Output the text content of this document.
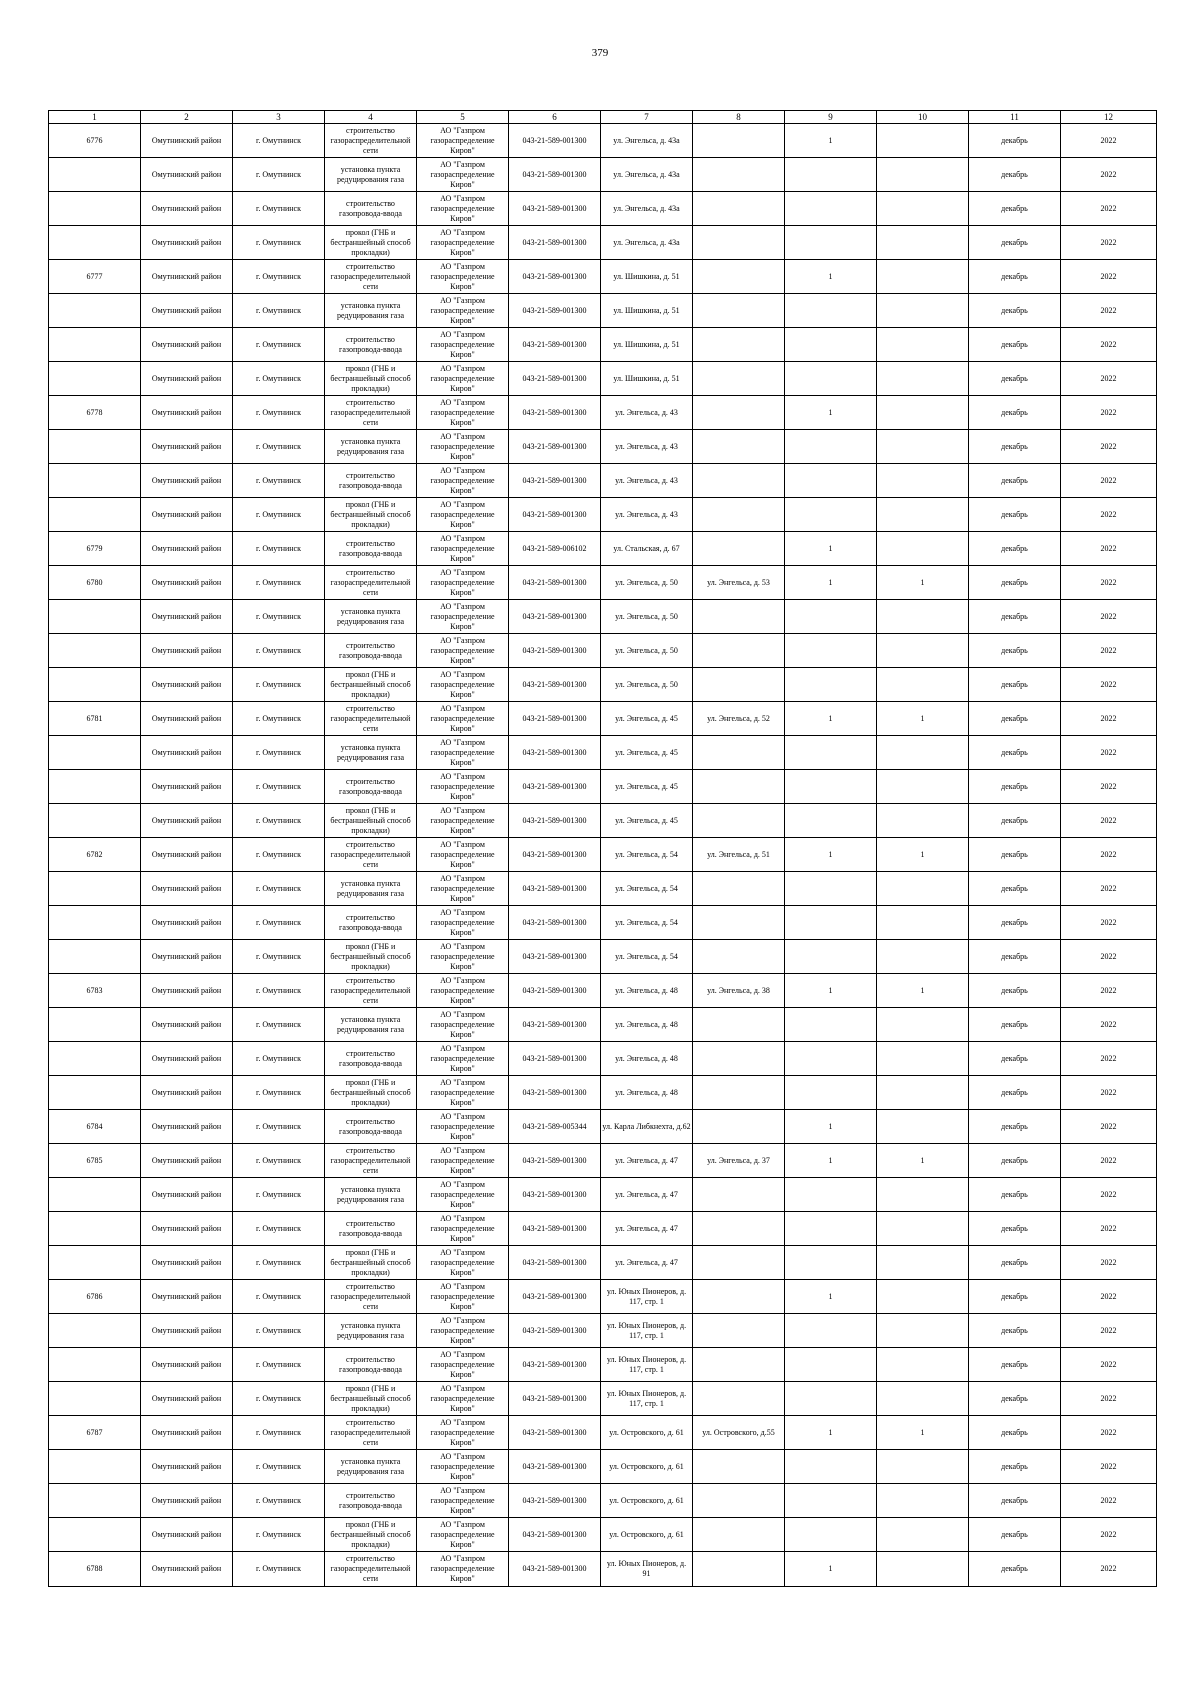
379
1	2	3	4	5	6	7	8	9	10	11	12
6776	Омутнинский район	г. Омутнинск	строительство газораспределительной сети	АО "Газпром газораспределение Киров"	043-21-589-001300	ул. Энгельса, д. 43а		1		декабрь	2022
	Омутнинский район	г. Омутнинск	установка пункта редуцирования газа	АО "Газпром газораспределение Киров"	043-21-589-001300	ул. Энгельса, д. 43а				декабрь	2022
	Омутнинский район	г. Омутнинск	строительство газопровода-ввода	АО "Газпром газораспределение Киров"	043-21-589-001300	ул. Энгельса, д. 43а				декабрь	2022
	Омутнинский район	г. Омутнинск	прокол (ГНБ и бестраншейный способ прокладки)	АО "Газпром газораспределение Киров"	043-21-589-001300	ул. Энгельса, д. 43а				декабрь	2022
6777	Омутнинский район	г. Омутнинск	строительство газораспределительной сети	АО "Газпром газораспределение Киров"	043-21-589-001300	ул. Шишкина, д. 51		1		декабрь	2022
	Омутнинский район	г. Омутнинск	установка пункта редуцирования газа	АО "Газпром газораспределение Киров"	043-21-589-001300	ул. Шишкина, д. 51				декабрь	2022
	Омутнинский район	г. Омутнинск	строительство газопровода-ввода	АО "Газпром газораспределение Киров"	043-21-589-001300	ул. Шишкина, д. 51				декабрь	2022
	Омутнинский район	г. Омутнинск	прокол (ГНБ и бестраншейный способ прокладки)	АО "Газпром газораспределение Киров"	043-21-589-001300	ул. Шишкина, д. 51				декабрь	2022
6778	Омутнинский район	г. Омутнинск	строительство газораспределительной сети	АО "Газпром газораспределение Киров"	043-21-589-001300	ул. Энгельса, д. 43		1		декабрь	2022
	Омутнинский район	г. Омутнинск	установка пункта редуцирования газа	АО "Газпром газораспределение Киров"	043-21-589-001300	ул. Энгельса, д. 43				декабрь	2022
	Омутнинский район	г. Омутнинск	строительство газопровода-ввода	АО "Газпром газораспределение Киров"	043-21-589-001300	ул. Энгельса, д. 43				декабрь	2022
	Омутнинский район	г. Омутнинск	прокол (ГНБ и бестраншейный способ прокладки)	АО "Газпром газораспределение Киров"	043-21-589-001300	ул. Энгельса, д. 43				декабрь	2022
6779	Омутнинский район	г. Омутнинск	строительство газопровода-ввода	АО "Газпром газораспределение Киров"	043-21-589-006102	ул. Стальская, д. 67		1		декабрь	2022
6780	Омутнинский район	г. Омутнинск	строительство газораспределительной сети	АО "Газпром газораспределение Киров"	043-21-589-001300	ул. Энгельса, д. 50	ул. Энгельса, д. 53	1	1	декабрь	2022
	Омутнинский район	г. Омутнинск	установка пункта редуцирования газа	АО "Газпром газораспределение Киров"	043-21-589-001300	ул. Энгельса, д. 50				декабрь	2022
	Омутнинский район	г. Омутнинск	строительство газопровода-ввода	АО "Газпром газораспределение Киров"	043-21-589-001300	ул. Энгельса, д. 50				декабрь	2022
	Омутнинский район	г. Омутнинск	прокол (ГНБ и бестраншейный способ прокладки)	АО "Газпром газораспределение Киров"	043-21-589-001300	ул. Энгельса, д. 50				декабрь	2022
6781	Омутнинский район	г. Омутнинск	строительство газораспределительной сети	АО "Газпром газораспределение Киров"	043-21-589-001300	ул. Энгельса, д. 45	ул. Энгельса, д. 52	1	1	декабрь	2022
	Омутнинский район	г. Омутнинск	установка пункта редуцирования газа	АО "Газпром газораспределение Киров"	043-21-589-001300	ул. Энгельса, д. 45				декабрь	2022
	Омутнинский район	г. Омутнинск	строительство газопровода-ввода	АО "Газпром газораспределение Киров"	043-21-589-001300	ул. Энгельса, д. 45				декабрь	2022
	Омутнинский район	г. Омутнинск	прокол (ГНБ и бестраншейный способ прокладки)	АО "Газпром газораспределение Киров"	043-21-589-001300	ул. Энгельса, д. 45				декабрь	2022
6782	Омутнинский район	г. Омутнинск	строительство газораспределительной сети	АО "Газпром газораспределение Киров"	043-21-589-001300	ул. Энгельса, д. 54	ул. Энгельса, д. 51	1	1	декабрь	2022
	Омутнинский район	г. Омутнинск	установка пункта редуцирования газа	АО "Газпром газораспределение Киров"	043-21-589-001300	ул. Энгельса, д. 54				декабрь	2022
	Омутнинский район	г. Омутнинск	строительство газопровода-ввода	АО "Газпром газораспределение Киров"	043-21-589-001300	ул. Энгельса, д. 54				декабрь	2022
	Омутнинский район	г. Омутнинск	прокол (ГНБ и бестраншейный способ прокладки)	АО "Газпром газораспределение Киров"	043-21-589-001300	ул. Энгельса, д. 54				декабрь	2022
6783	Омутнинский район	г. Омутнинск	строительство газораспределительной сети	АО "Газпром газораспределение Киров"	043-21-589-001300	ул. Энгельса, д. 48	ул. Энгельса, д. 38	1	1	декабрь	2022
	Омутнинский район	г. Омутнинск	установка пункта редуцирования газа	АО "Газпром газораспределение Киров"	043-21-589-001300	ул. Энгельса, д. 48				декабрь	2022
	Омутнинский район	г. Омутнинск	строительство газопровода-ввода	АО "Газпром газораспределение Киров"	043-21-589-001300	ул. Энгельса, д. 48				декабрь	2022
	Омутнинский район	г. Омутнинск	прокол (ГНБ и бестраншейный способ прокладки)	АО "Газпром газораспределение Киров"	043-21-589-001300	ул. Энгельса, д. 48				декабрь	2022
6784	Омутнинский район	г. Омутнинск	строительство газопровода-ввода	АО "Газпром газораспределение Киров"	043-21-589-005344	ул. Карла Либкнехта, д.62		1		декабрь	2022
6785	Омутнинский район	г. Омутнинск	строительство газораспределительной сети	АО "Газпром газораспределение Киров"	043-21-589-001300	ул. Энгельса, д. 47	ул. Энгельса, д. 37	1	1	декабрь	2022
	Омутнинский район	г. Омутнинск	установка пункта редуцирования газа	АО "Газпром газораспределение Киров"	043-21-589-001300	ул. Энгельса, д. 47				декабрь	2022
	Омутнинский район	г. Омутнинск	строительство газопровода-ввода	АО "Газпром газораспределение Киров"	043-21-589-001300	ул. Энгельса, д. 47				декабрь	2022
	Омутнинский район	г. Омутнинск	прокол (ГНБ и бестраншейный способ прокладки)	АО "Газпром газораспределение Киров"	043-21-589-001300	ул. Энгельса, д. 47				декабрь	2022
6786	Омутнинский район	г. Омутнинск	строительство газораспределительной сети	АО "Газпром газораспределение Киров"	043-21-589-001300	ул. Юных Пионеров, д. 117, стр. 1		1		декабрь	2022
	Омутнинский район	г. Омутнинск	установка пункта редуцирования газа	АО "Газпром газораспределение Киров"	043-21-589-001300	ул. Юных Пионеров, д. 117, стр. 1				декабрь	2022
	Омутнинский район	г. Омутнинск	строительство газопровода-ввода	АО "Газпром газораспределение Киров"	043-21-589-001300	ул. Юных Пионеров, д. 117, стр. 1				декабрь	2022
	Омутнинский район	г. Омутнинск	прокол (ГНБ и бестраншейный способ прокладки)	АО "Газпром газораспределение Киров"	043-21-589-001300	ул. Юных Пионеров, д. 117, стр. 1				декабрь	2022
6787	Омутнинский район	г. Омутнинск	строительство газораспределительной сети	АО "Газпром газораспределение Киров"	043-21-589-001300	ул. Островского, д. 61	ул. Островского, д.55	1	1	декабрь	2022
	Омутнинский район	г. Омутнинск	установка пункта редуцирования газа	АО "Газпром газораспределение Киров"	043-21-589-001300	ул. Островского, д. 61				декабрь	2022
	Омутнинский район	г. Омутнинск	строительство газопровода-ввода	АО "Газпром газораспределение Киров"	043-21-589-001300	ул. Островского, д. 61				декабрь	2022
	Омутнинский район	г. Омутнинск	прокол (ГНБ и бестраншейный способ прокладки)	АО "Газпром газораспределение Киров"	043-21-589-001300	ул. Островского, д. 61				декабрь	2022
6788	Омутнинский район	г. Омутнинск	строительство газораспределительной сети	АО "Газпром газораспределение Киров"	043-21-589-001300	ул. Юных Пионеров, д. 91		1		декабрь	2022
